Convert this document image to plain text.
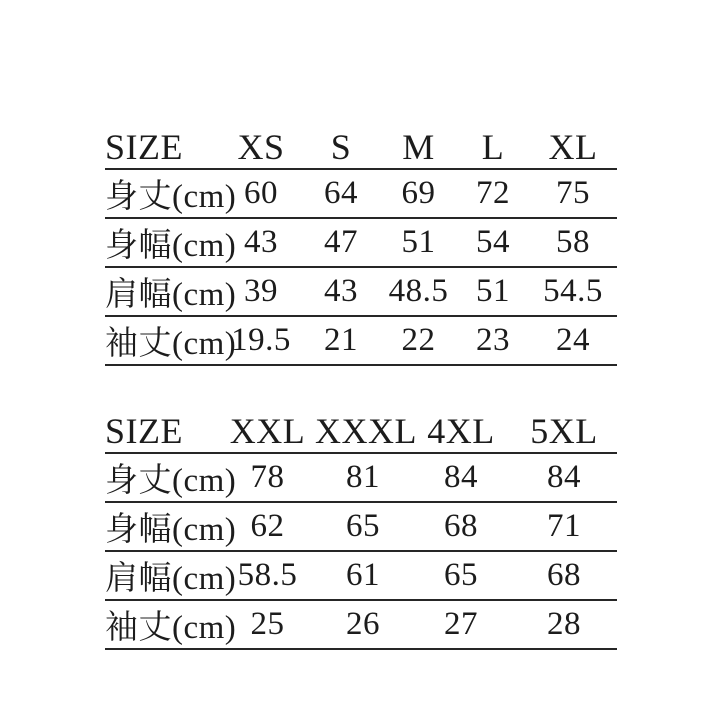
SIZE	XS	S	M	L	XL
身丈(cm)	60	64	69	72	75
身幅(cm)	43	47	51	54	58
肩幅(cm)	39	43	48.5	51	54.5
袖丈(cm)	19.5	21	22	23	24
SIZE	XXL	XXXL	4XL	5XL
身丈(cm)	78	81	84	84
身幅(cm)	62	65	68	71
肩幅(cm)	58.5	61	65	68
袖丈(cm)	25	26	27	28
